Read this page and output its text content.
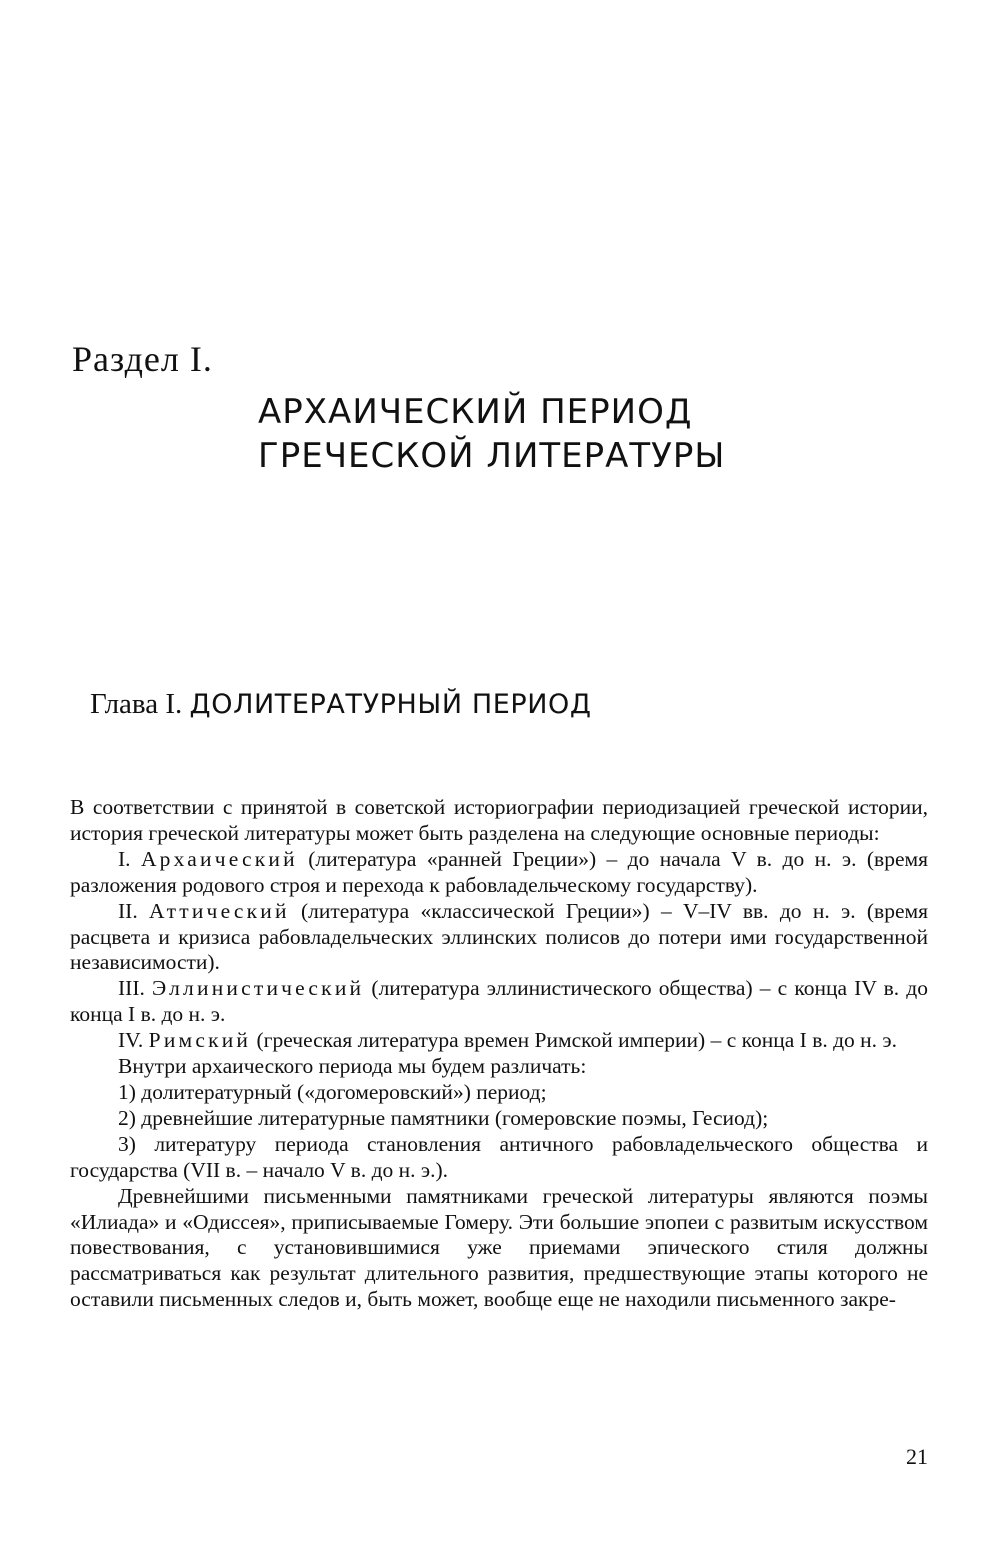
Раздел I.
АРХАИЧЕСКИЙ ПЕРИОД
ГРЕЧЕСКОЙ ЛИТЕРАТУРЫ
Глава I. ДОЛИТЕРАТУРНЫЙ ПЕРИОД

В соответствии с принятой в советской историографии периодизацией греческой истории, история греческой литературы может быть разделена на следующие основные периоды:

I. Архаический (литература «ранней Греции») – до начала V в. до н. э. (время разложения родового строя и перехода к рабовладельческому государству).

II. Аттический (литература «классической Греции») – V–IV вв. до н. э. (время расцвета и кризиса рабовладельческих эллинских полисов до потери ими государственной независимости).

III. Эллинистический (литература эллинистического общества) – с конца IV в. до конца I в. до н. э.

IV. Римский (греческая литература времен Римской империи) – с конца I в. до н. э.

Внутри архаического периода мы будем различать:

1) долитературный («догомеровский») период;

2) древнейшие литературные памятники (гомеровские поэмы, Гесиод);

3) литературу периода становления античного рабовладельческого общества и государства (VII в. – начало V в. до н. э.).

Древнейшими письменными памятниками греческой литературы являются поэмы «Илиада» и «Одиссея», приписываемые Гомеру. Эти большие эпопеи с развитым искусством повествования, с установившимися уже приемами эпического стиля должны рассматриваться как результат длительного развития, предшествующие этапы которого не оставили письменных следов и, быть может, вообще еще не находили письменного закре-

21
